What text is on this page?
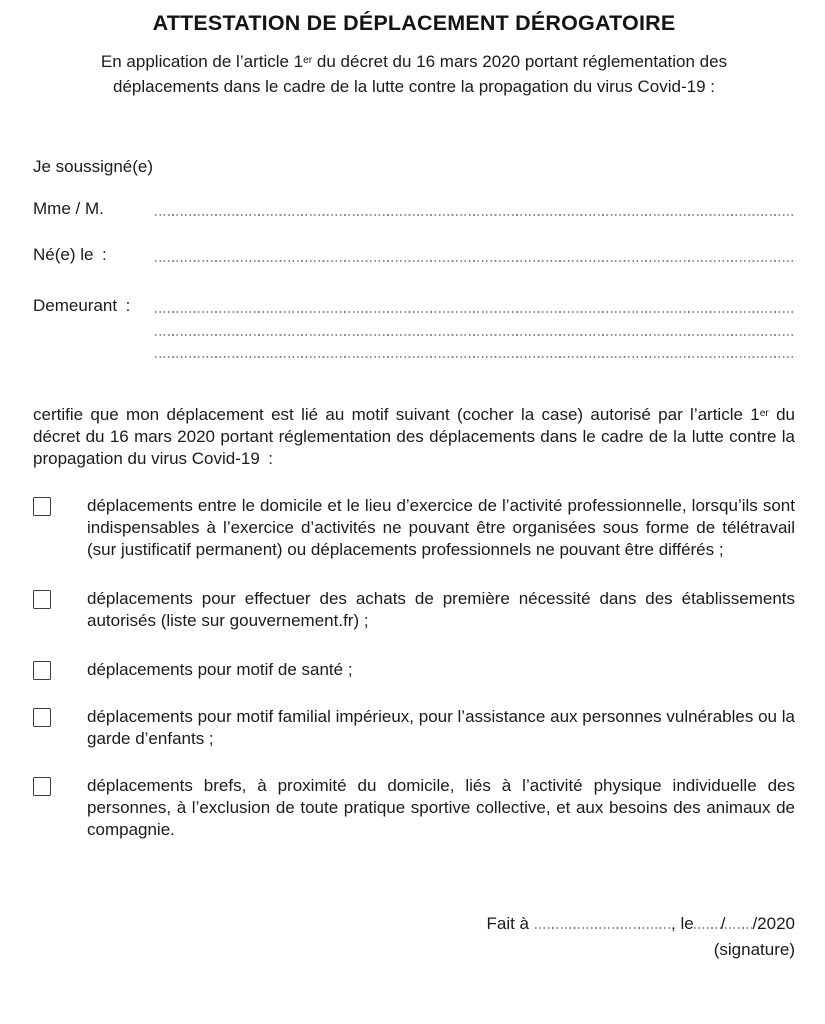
ATTESTATION DE DÉPLACEMENT DÉROGATOIRE

En application de l’article 1er du décret du 16 mars 2020 portant réglementation des déplacements dans le cadre de la lutte contre la propagation du virus Covid-19 :

Je soussigné(e)

Mme / M.
Né(e) le :
Demeurant :

certifie que mon déplacement est lié au motif suivant (cocher la case) autorisé par l’article 1er du décret du 16 mars 2020 portant réglementation des déplacements dans le cadre de la lutte contre la propagation du virus Covid-19 :

déplacements entre le domicile et le lieu d’exercice de l’activité professionnelle, lorsqu’ils sont indispensables à l’exercice d’activités ne pouvant être organisées sous forme de télétravail (sur justificatif permanent) ou déplacements professionnels ne pouvant être différés ;

déplacements pour effectuer des achats de première nécessité dans des établissements autorisés (liste sur gouvernement.fr) ;

déplacements pour motif de santé ;

déplacements pour motif familial impérieux, pour l’assistance aux personnes vulnérables ou la garde d’enfants ;

déplacements brefs, à proximité du domicile, liés à l’activité physique individuelle des personnes, à l’exclusion de toute pratique sportive collective, et aux besoins des animaux de compagnie.

Fait à	, le / /2020
(signature)
